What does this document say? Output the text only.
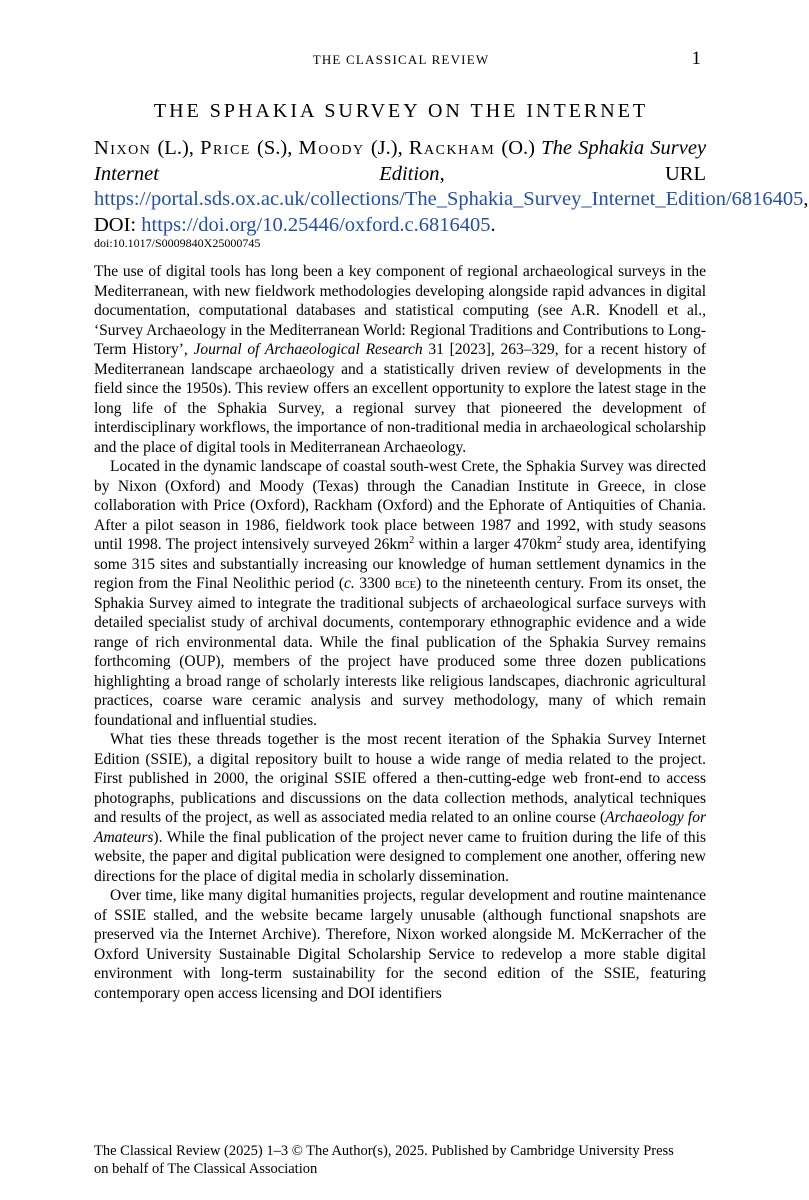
THE CLASSICAL REVIEW	1
THE SPHAKIA SURVEY ON THE INTERNET
Nixon (L.), Price (S.), Moody (J.), Rackham (O.) The Sphakia Survey Internet Edition, URL https://portal.sds.ox.ac.uk/collections/The_Sphakia_Survey_Internet_Edition/6816405, DOI: https://doi.org/10.25446/oxford.c.6816405.
doi:10.1017/S0009840X25000745

The use of digital tools has long been a key component of regional archaeological surveys in the Mediterranean, with new fieldwork methodologies developing alongside rapid advances in digital documentation, computational databases and statistical computing (see A.R. Knodell et al., ‘Survey Archaeology in the Mediterranean World: Regional Traditions and Contributions to Long-Term History’, Journal of Archaeological Research 31 [2023], 263–329, for a recent history of Mediterranean landscape archaeology and a statistically driven review of developments in the field since the 1950s). This review offers an excellent opportunity to explore the latest stage in the long life of the Sphakia Survey, a regional survey that pioneered the development of interdisciplinary workflows, the importance of non-traditional media in archaeological scholarship and the place of digital tools in Mediterranean Archaeology.

Located in the dynamic landscape of coastal south-west Crete, the Sphakia Survey was directed by Nixon (Oxford) and Moody (Texas) through the Canadian Institute in Greece, in close collaboration with Price (Oxford), Rackham (Oxford) and the Ephorate of Antiquities of Chania. After a pilot season in 1986, fieldwork took place between 1987 and 1992, with study seasons until 1998. The project intensively surveyed $26km^2$ within a larger $470km^2$ study area, identifying some 315 sites and substantially increasing our knowledge of human settlement dynamics in the region from the Final Neolithic period (c. 3300 bce) to the nineteenth century. From its onset, the Sphakia Survey aimed to integrate the traditional subjects of archaeological surface surveys with detailed specialist study of archival documents, contemporary ethnographic evidence and a wide range of rich environmental data. While the final publication of the Sphakia Survey remains forthcoming (OUP), members of the project have produced some three dozen publications highlighting a broad range of scholarly interests like religious landscapes, diachronic agricultural practices, coarse ware ceramic analysis and survey methodology, many of which remain foundational and influential studies.

What ties these threads together is the most recent iteration of the Sphakia Survey Internet Edition (SSIE), a digital repository built to house a wide range of media related to the project. First published in 2000, the original SSIE offered a then-cutting-edge web front-end to access photographs, publications and discussions on the data collection methods, analytical techniques and results of the project, as well as associated media related to an online course (Archaeology for Amateurs). While the final publication of the project never came to fruition during the life of this website, the paper and digital publication were designed to complement one another, offering new directions for the place of digital media in scholarly dissemination.

Over time, like many digital humanities projects, regular development and routine maintenance of SSIE stalled, and the website became largely unusable (although functional snapshots are preserved via the Internet Archive). Therefore, Nixon worked alongside M. McKerracher of the Oxford University Sustainable Digital Scholarship Service to redevelop a more stable digital environment with long-term sustainability for the second edition of the SSIE, featuring contemporary open access licensing and DOI identifiers

The Classical Review (2025) 1–3 © The Author(s), 2025. Published by Cambridge University Press
on behalf of The Classical Association
